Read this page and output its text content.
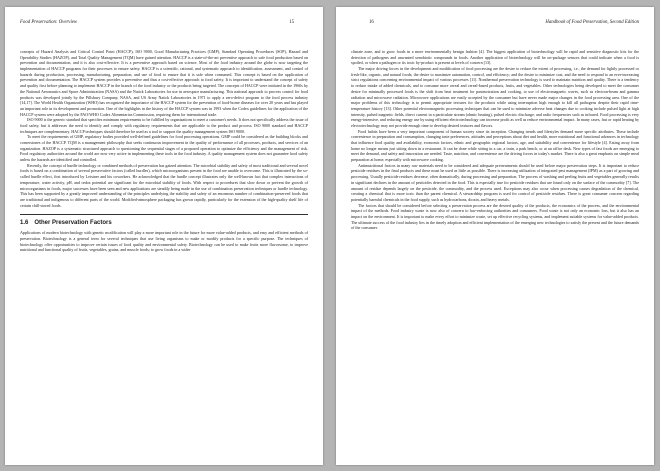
Food Preservation: Overview	15

concepts of Hazard Analysis and Critical Control Point (HACCP), ISO 9000, Good Manufacturing Practices (GMP), Standard Operating Procedures (SOP), Hazard and Operability Studies (HAZOP), and Total Quality Management (TQM) have gained attention. HACCP is a state-of-the-art preventive approach to safe food production based on prevention and documentation, and it is also cost-effective. It is a preventive approach based on science. Most of the food industry around the globe is now targeting the implementation of HACCP programs for their processes to ensure safety. HACCP is a scientific, rational, and systematic approach to identification, assessment, and control of hazards during production, processing, manufacturing, preparation, and use of food to ensure that it is safe when consumed. This concept is based on the application of prevention and documentation. The HACCP system provides a preventive and thus a cost-effective approach to food safety. It is important to understand the concept of safety and quality first before planning to implement HACCP in the branch of the food industry or the products being targeted. The concepts of HACCP were initiated in the 1960s by the National Aeronautics and Space Administration (NASA) and the Natick Laboratories for use in aerospace manufacturing. This national approach to process control for food products was developed jointly by the Pillsbury Company, NASA, and US Army Natick Laboratories in 1971 to apply a zero-defect program to the food process industry [14,17]. The World Health Organization (WHO) has recognized the importance of the HACCP system for the prevention of food-borne diseases for over 20 years and has played an important role in its development and promotion. One of the highlights in the history of the HACCP system was in 1993 when the Codex guidelines for the application of the HACCP system were adopted by the FAO/WHO Codex Alimentarius Commission, requiring them for international trade.

ISO 9000 is the generic standard that specifies minimum requirements to be fulfilled by organizations to meet a customer's needs. It does not specifically address the issue of food safety, but it addresses the need to identify and comply with regulatory requirements that are applicable to the product and process. ISO 9000 standard and HACCP techniques are complementary. HACCP techniques should therefore be used as a tool to support the quality management system ISO 9000.

To meet the requirements of GMP, regulatory bodies provided well-defined guidelines for food processing operations. GMP could be considered as the building blocks and cornerstones of the HACCP. TQM is a management philosophy that seeks continuous improvement in the quality of performance of all processes, products, and services of an organization. HAZOP is a systematic structured approach to questioning the sequential stages of a proposed operation to optimize the efficiency and the management of risk. Food regulatory authorities around the world are now very active in implementing these tools in the food industry. A quality management system does not guarantee food safety unless the hazards are identified and controlled.

Recently, the concept of hurdle technology or combined methods of preservation has gained attention. The microbial stability and safety of most traditional and several novel foods is based on a combination of several preservative factors (called hurdles), which microorganisms present in the food are unable to overcome. This is illustrated by the so-called hurdle effect, first introduced by Leistner and his coworkers. He acknowledged that the hurdle concept illustrates only the well-known fact that complex interactions of temperature, water activity, pH, and redox potential are significant for the microbial stability of foods. With respect to procedures that slow down or prevent the growth of microorganisms in foods, major successes have been seen and new applications are steadily being made in the use of combination preservation techniques or hurdle technology. This has been supported by a greatly improved understanding of the principles underlying the stability and safety of an enormous number of combination-preserved foods that are traditional and indigenous to different parts of the world. Modified-atmosphere packaging has grown rapidly, particularly for the extension of the high-quality shelf life of certain chill-stored foods.

1.6 Other Preservation Factors

Applications of modern biotechnology with genetic modification will play a more important role in the future for more value-added products, and easy and efficient methods of preservation. Biotechnology is a general term for several techniques that use living organisms to make or modify products for a specific purpose. The techniques of biotechnology offer opportunities to improve certain issues of food quality and environmental safety. Biotechnology can be used to make fruits more flavorsome, to improve nutritional and functional quality of fruits, vegetables, grains, and muscle foods; to grow foods in a wider

16	Handbook of Food Preservation, Second Edition

climate zone, and to grow foods in a more environmentally benign fashion [4]. The biggest application of biotechnology will be rapid and sensitive diagnostic kits for the detection of pathogens and unwanted xenobiotic compounds in foods. Another application of biotechnology will be on-package sensors that could indicate when a food is spoiled, or when a pathogen or its toxic by-product is present at levels of concern [13].

The major driving forces in the development and modification of food processing are the desire to reduce the extent of processing, i.e., the demand for lightly processed or fresh-like, organic, and natural foods; the desire to maximize automation, control, and efficiency; and the desire to minimize cost, and the need to respond to an ever-increasing strict regulations concerning environmental impact of various processes [11]. Nonthermal preservation technology is used to maintain nutrition and quality. There is a tendency to reduce intake of added chemicals, and to consume more cereal and cereal-based products, fruits, and vegetables. Other technologies being developed to meet the consumer desire for minimally processed foods is the shift from heat treatment for pasteurization and cooking, to use of electromagnetic waves, such as electron-beam and gamma radiation and microwave radiation. Microwave applications are easily accepted by the consumer but have never made major changes in the food processing area. One of the major problems of this technology is to permit appropriate textures for the products while using interruption high enough to kill all pathogens despite their rapid time-temperature history [13]. Other potential electromagnetic processing techniques that can be used to minimize adverse heat changes due to cooking include pulsed light at high intensity, pulsed magnetic fields, direct current in a particulate stream (ohmic heating), pulsed electric discharge, and radio frequencies such as infrared. Food processing is very energy-intensive, and reducing energy use by using efficient electrotechnology can increase profit as well as reduce environmental impact. In many cases, fast or rapid heating by electrotechnology may not provide enough time to develop desired textures and flavors.

Food habits have been a very important component of human society since its inception. Changing trends and lifestyles demand more specific attributes. These include convenience in preparation and consumption, changing taste preferences, attitudes and perceptions about diet and health, more nutritional and functional advances in technology that influence food quality and availability, economic factors, ethnic and geographic regional factors, age, and suitability and convenience for lifestyle [4]. Eating away from home no longer means just sitting down in a restaurant. It can be done while sitting in a car, a train, a park bench, or at an office desk. New types of fast foods are emerging to meet the demand, and safety and innovation are needed. Taste, nutrition, and convenience are the driving forces in today's market. There is also a great emphasis on simple meal preparation at home, especially with microwave cooking.

Antimutritional factors in many raw materials need to be considered and adequate pretreatments should be used before major preservation steps. It is important to reduce pesticide residues in the final products and these must be used as little as possible. There is increasing utilization of integrated pest management (IPM) as a part of growing and processing. Usually pesticide residues decrease, often dramatically, during processing and preparation. The process of washing and peeling fruits and vegetables generally results in significant declines in the amount of pesticides detected in the food. This is especially true for pesticide residues that are found only on the surface of the commodity [7]. The amount of residue depends largely on the pesticide, the commodity, and the process used. Exceptions may also occur when processing causes degradation of the chemical, creating a chemical that is more toxic than the parent chemical. A stewardship program is used for control of pesticide residues. There is great consumer concern regarding potentially harmful chemicals in the food supply, such as hydrocarbons, dioxin, and heavy metals.

The factors that should be considered before selecting a preservation process are the desired quality of the products, the economics of the process, and the environmental impact of the methods. Food industry waste is now also of concern to law-enforcing authorities and consumers. Food waste is not only an economic loss, but it also has an impact on the environment. It is important to make every effort to minimize waste, set up effective recycling systems, and implement suitable systems for value-added products. The ultimate success of the food industry lies in the timely adoption and efficient implementation of the emerging new technologies to satisfy the present and the future demands of the consumer.
